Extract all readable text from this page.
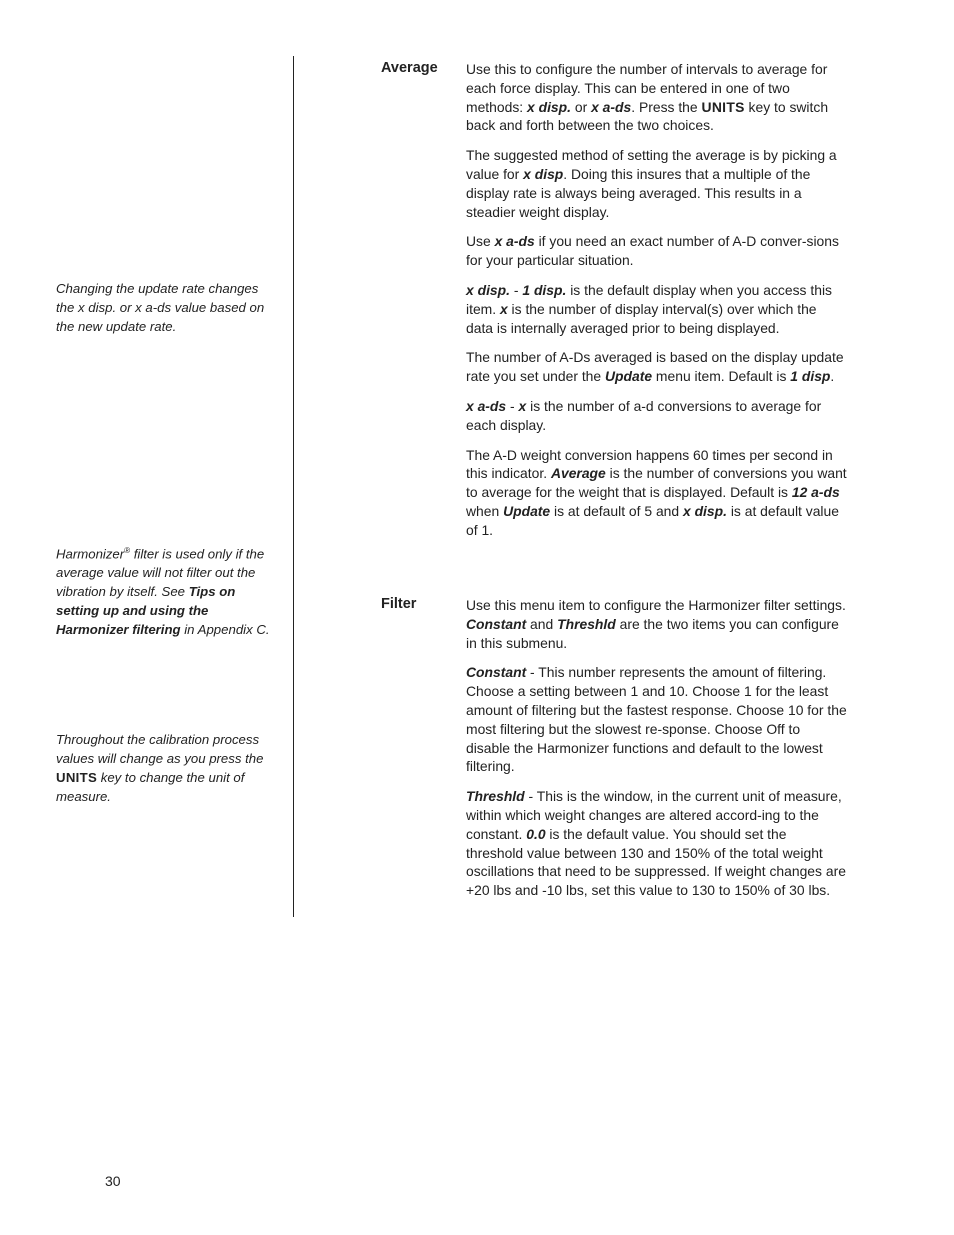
Changing the update rate changes the x disp. or x a-ds value based on the new update rate.
Harmonizer® filter is used only if the average value will not filter out the vibration by itself. See Tips on setting up and using the Harmonizer filtering in Appendix C.
Throughout the calibration process values will change as you press the UNITS key to change the unit of measure.
Average Use this to configure the number of intervals to average for each force display. This can be entered in one of two methods: x disp. or x a-ds. Press the UNITS key to switch back and forth between the two choices.

The suggested method of setting the average is by picking a value for x disp. Doing this insures that a multiple of the display rate is always being averaged. This results in a steadier weight display.

Use x a-ds if you need an exact number of A-D conver-sions for your particular situation.

x disp. - 1 disp. is the default display when you access this item. x is the number of display interval(s) over which the data is internally averaged prior to being displayed.

The number of A-Ds averaged is based on the display update rate you set under the Update menu item. Default is 1 disp.

x a-ds - x is the number of a-d conversions to average for each display.

The A-D weight conversion happens 60 times per second in this indicator. Average is the number of conversions you want to average for the weight that is displayed. Default is 12 a-ds when Update is at default of 5 and x disp. is at default value of 1.

Filter	Use this menu item to configure the Harmonizer filter settings. Constant and Threshld are the two items you can configure in this submenu.

Constant - This number represents the amount of filtering. Choose a setting between 1 and 10. Choose 1 for the least amount of filtering but the fastest response. Choose 10 for the most filtering but the slowest re-sponse. Choose Off to disable the Harmonizer functions and default to the lowest filtering.

Threshld - This is the window, in the current unit of measure, within which weight changes are altered accord-ing to the constant. 0.0 is the default value. You should set the threshold value between 130 and 150% of the total weight oscillations that need to be suppressed. If weight changes are +20 lbs and -10 lbs, set this value to 130 to 150% of 30 lbs.

30
